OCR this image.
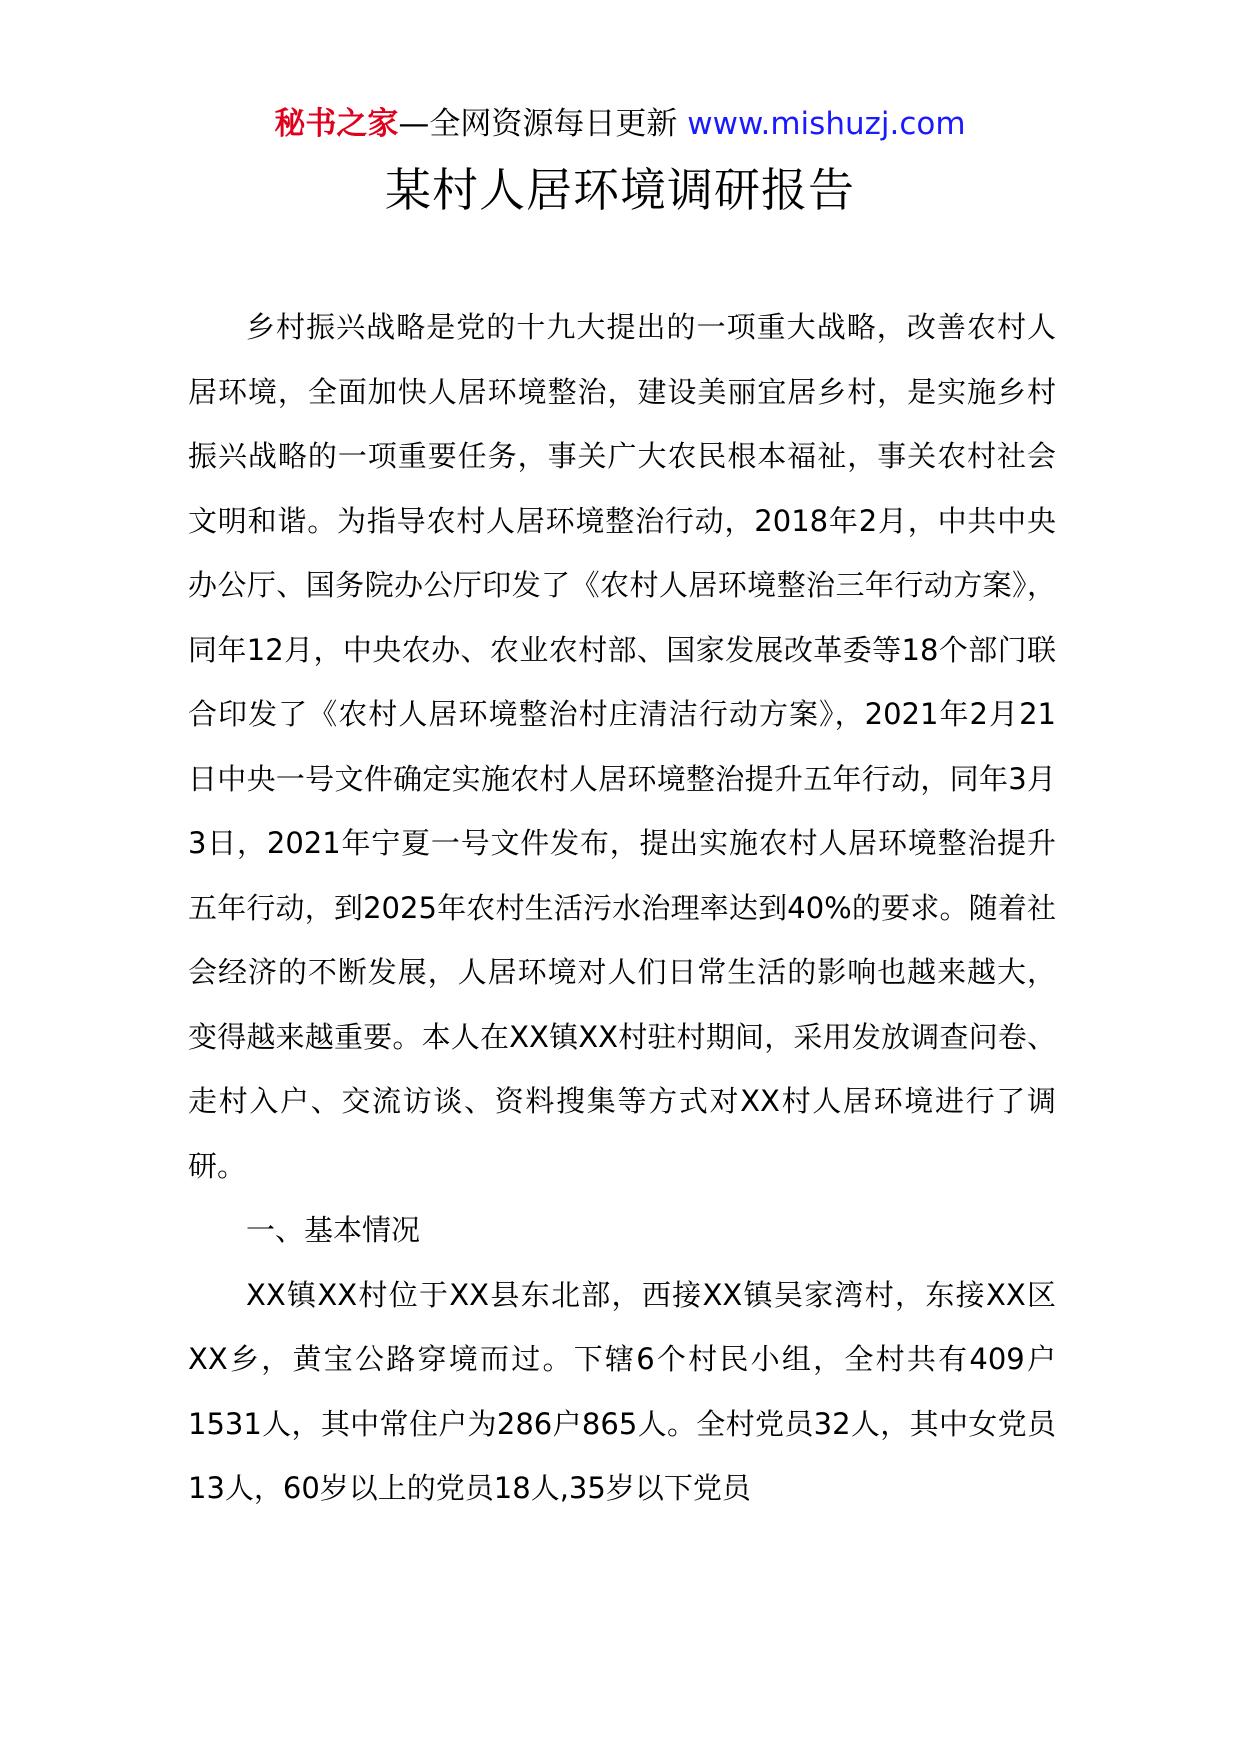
秘书之家—全网资源每日更新 www.mishuzj.com
某村人居环境调研报告

乡村振兴战略是党的十九大提出的一项重大战略，改善农村人居环境，全面加快人居环境整治，建设美丽宜居乡村，是实施乡村振兴战略的一项重要任务，事关广大农民根本福祉，事关农村社会文明和谐。为指导农村人居环境整治行动，2018年2月，中共中央办公厅、国务院办公厅印发了《农村人居环境整治三年行动方案》，同年12月，中央农办、农业农村部、国家发展改革委等18个部门联合印发了《农村人居环境整治村庄清洁行动方案》，2021年2月21日中央一号文件确定实施农村人居环境整治提升五年行动，同年3月3日，2021年宁夏一号文件发布，提出实施农村人居环境整治提升五年行动，到2025年农村生活污水治理率达到40%的要求。随着社会经济的不断发展，人居环境对人们日常生活的影响也越来越大，变得越来越重要。本人在XX镇XX村驻村期间，采用发放调查问卷、走村入户、交流访谈、资料搜集等方式对XX村人居环境进行了调研。

一、基本情况

XX镇XX村位于XX县东北部，西接XX镇吴家湾村，东接XX区XX乡，黄宝公路穿境而过。下辖6个村民小组，全村共有409户1531人，其中常住户为286户865人。全村党员32人，其中女党员13人，60岁以上的党员18人,35岁以下党员
